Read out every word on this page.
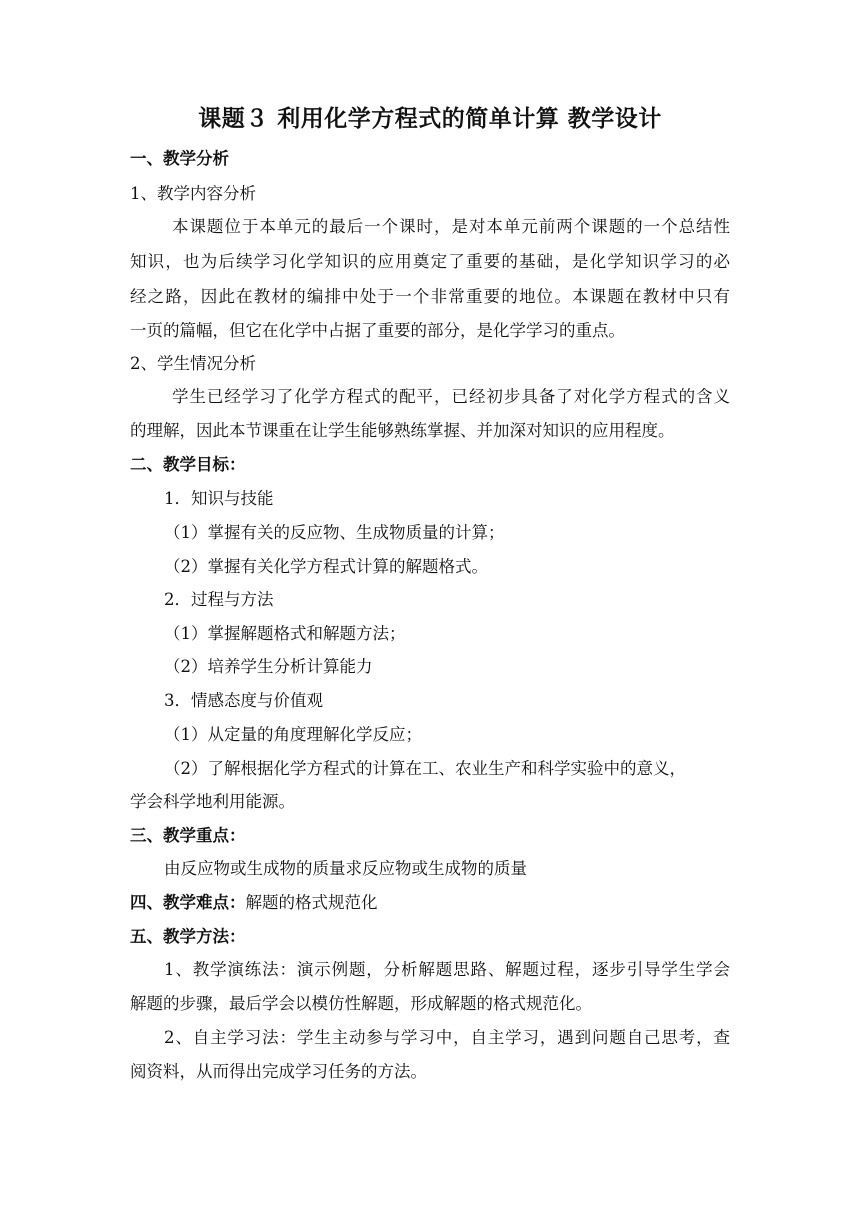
课题３ 利用化学方程式的简单计算 教学设计
一、教学分析
1、教学内容分析
本课题位于本单元的最后一个课时，是对本单元前两个课题的一个总结性
知识，也为后续学习化学知识的应用奠定了重要的基础，是化学知识学习的必
经之路，因此在教材的编排中处于一个非常重要的地位。本课题在教材中只有
一页的篇幅，但它在化学中占据了重要的部分，是化学学习的重点。
2、学生情况分析
学生已经学习了化学方程式的配平，已经初步具备了对化学方程式的含义
的理解，因此本节课重在让学生能够熟练掌握、并加深对知识的应用程度。
二、教学目标：
1．知识与技能
（1）掌握有关的反应物、生成物质量的计算；
（2）掌握有关化学方程式计算的解题格式。
2．过程与方法
（1）掌握解题格式和解题方法；
（2）培养学生分析计算能力
3．情感态度与价值观
（1）从定量的角度理解化学反应；
（2）了解根据化学方程式的计算在工、农业生产和科学实验中的意义，
学会科学地利用能源。
三、教学重点：
由反应物或生成物的质量求反应物或生成物的质量
四、教学难点：解题的格式规范化
五、教学方法：
1、教学演练法：演示例题，分析解题思路、解题过程，逐步引导学生学会
解题的步骤，最后学会以模仿性解题，形成解题的格式规范化。
2、自主学习法：学生主动参与学习中，自主学习，遇到问题自己思考，查
阅资料，从而得出完成学习任务的方法。
